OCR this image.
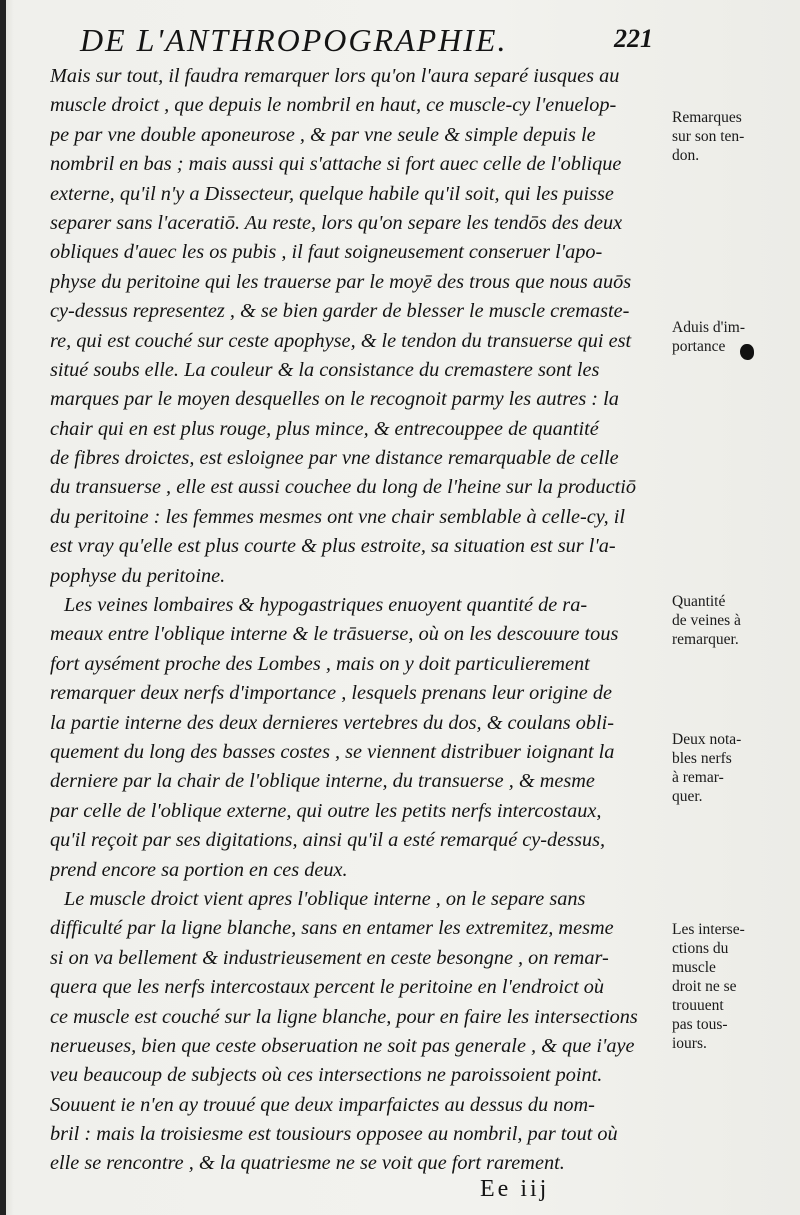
DE L'ANTHROPOGRAPHIE.	221
Mais sur tout, il faudra remarquer lors qu'on l'aura separé iusques au
muscle droict , que depuis le nombril en haut, ce muscle-cy l'enuelop-
pe par vne double aponeurose , & par vne seule & simple depuis le
nombril en bas ; mais aussi qui s'attache si fort auec celle de l'oblique
externe, qu'il n'y a Dissecteur, quelque habile qu'il soit, qui les puisse
separer sans l'aceratiō. Au reste, lors qu'on separe les tendōs des deux
obliques d'auec les os pubis , il faut soigneusement conseruer l'apo-
physe du peritoine qui les trauerse par le moyē des trous que nous auōs
cy-dessus representez , & se bien garder de blesser le muscle cremaste-
re, qui est couché sur ceste apophyse, & le tendon du transuerse qui est
situé soubs elle. La couleur & la consistance du cremastere sont les
marques par le moyen desquelles on le recognoit parmy les autres : la
chair qui en est plus rouge, plus mince, & entrecouppee de quantité
de fibres droictes, est esloignee par vne distance remarquable de celle
du transuerse , elle est aussi couchee du long de l'heine sur la productiō
du peritoine : les femmes mesmes ont vne chair semblable à celle-cy, il
est vray qu'elle est plus courte & plus estroite, sa situation est sur l'a-
pophyse du peritoine.
Les veines lombaires & hypogastriques enuoyent quantité de ra-
meaux entre l'oblique interne & le trāsuerse, où on les descouure tous
fort aysément proche des Lombes , mais on y doit particulierement
remarquer deux nerfs d'importance , lesquels prenans leur origine de
la partie interne des deux dernieres vertebres du dos, & coulans obli-
quement du long des basses costes , se viennent distribuer ioignant la
derniere par la chair de l'oblique interne, du transuerse , & mesme
par celle de l'oblique externe, qui outre les petits nerfs intercostaux,
qu'il reçoit par ses digitations, ainsi qu'il a esté remarqué cy-dessus,
prend encore sa portion en ces deux.
Le muscle droict vient apres l'oblique interne , on le separe sans
difficulté par la ligne blanche, sans en entamer les extremitez, mesme
si on va bellement & industrieusement en ceste besongne , on remar-
quera que les nerfs intercostaux percent le peritoine en l'endroict où
ce muscle est couché sur la ligne blanche, pour en faire les intersections
nerueuses, bien que ceste obseruation ne soit pas generale , & que i'aye
veu beaucoup de subjects où ces intersections ne paroissoient point.
Souuent ie n'en ay trouué que deux imparfaictes au dessus du nom-
bril : mais la troisiesme est tousiours opposee au nombril, par tout où
elle se rencontre , & la quatriesme ne se voit que fort rarement.
Remarques
sur son ten-
don.
Aduis d'im-
portance
Quantité
de veines à
remarquer.
Deux nota-
bles nerfs
à remar-
quer.
Les interse-
ctions du
muscle
droit ne se
trouuent
pas tous-
iours.
Ee iij
